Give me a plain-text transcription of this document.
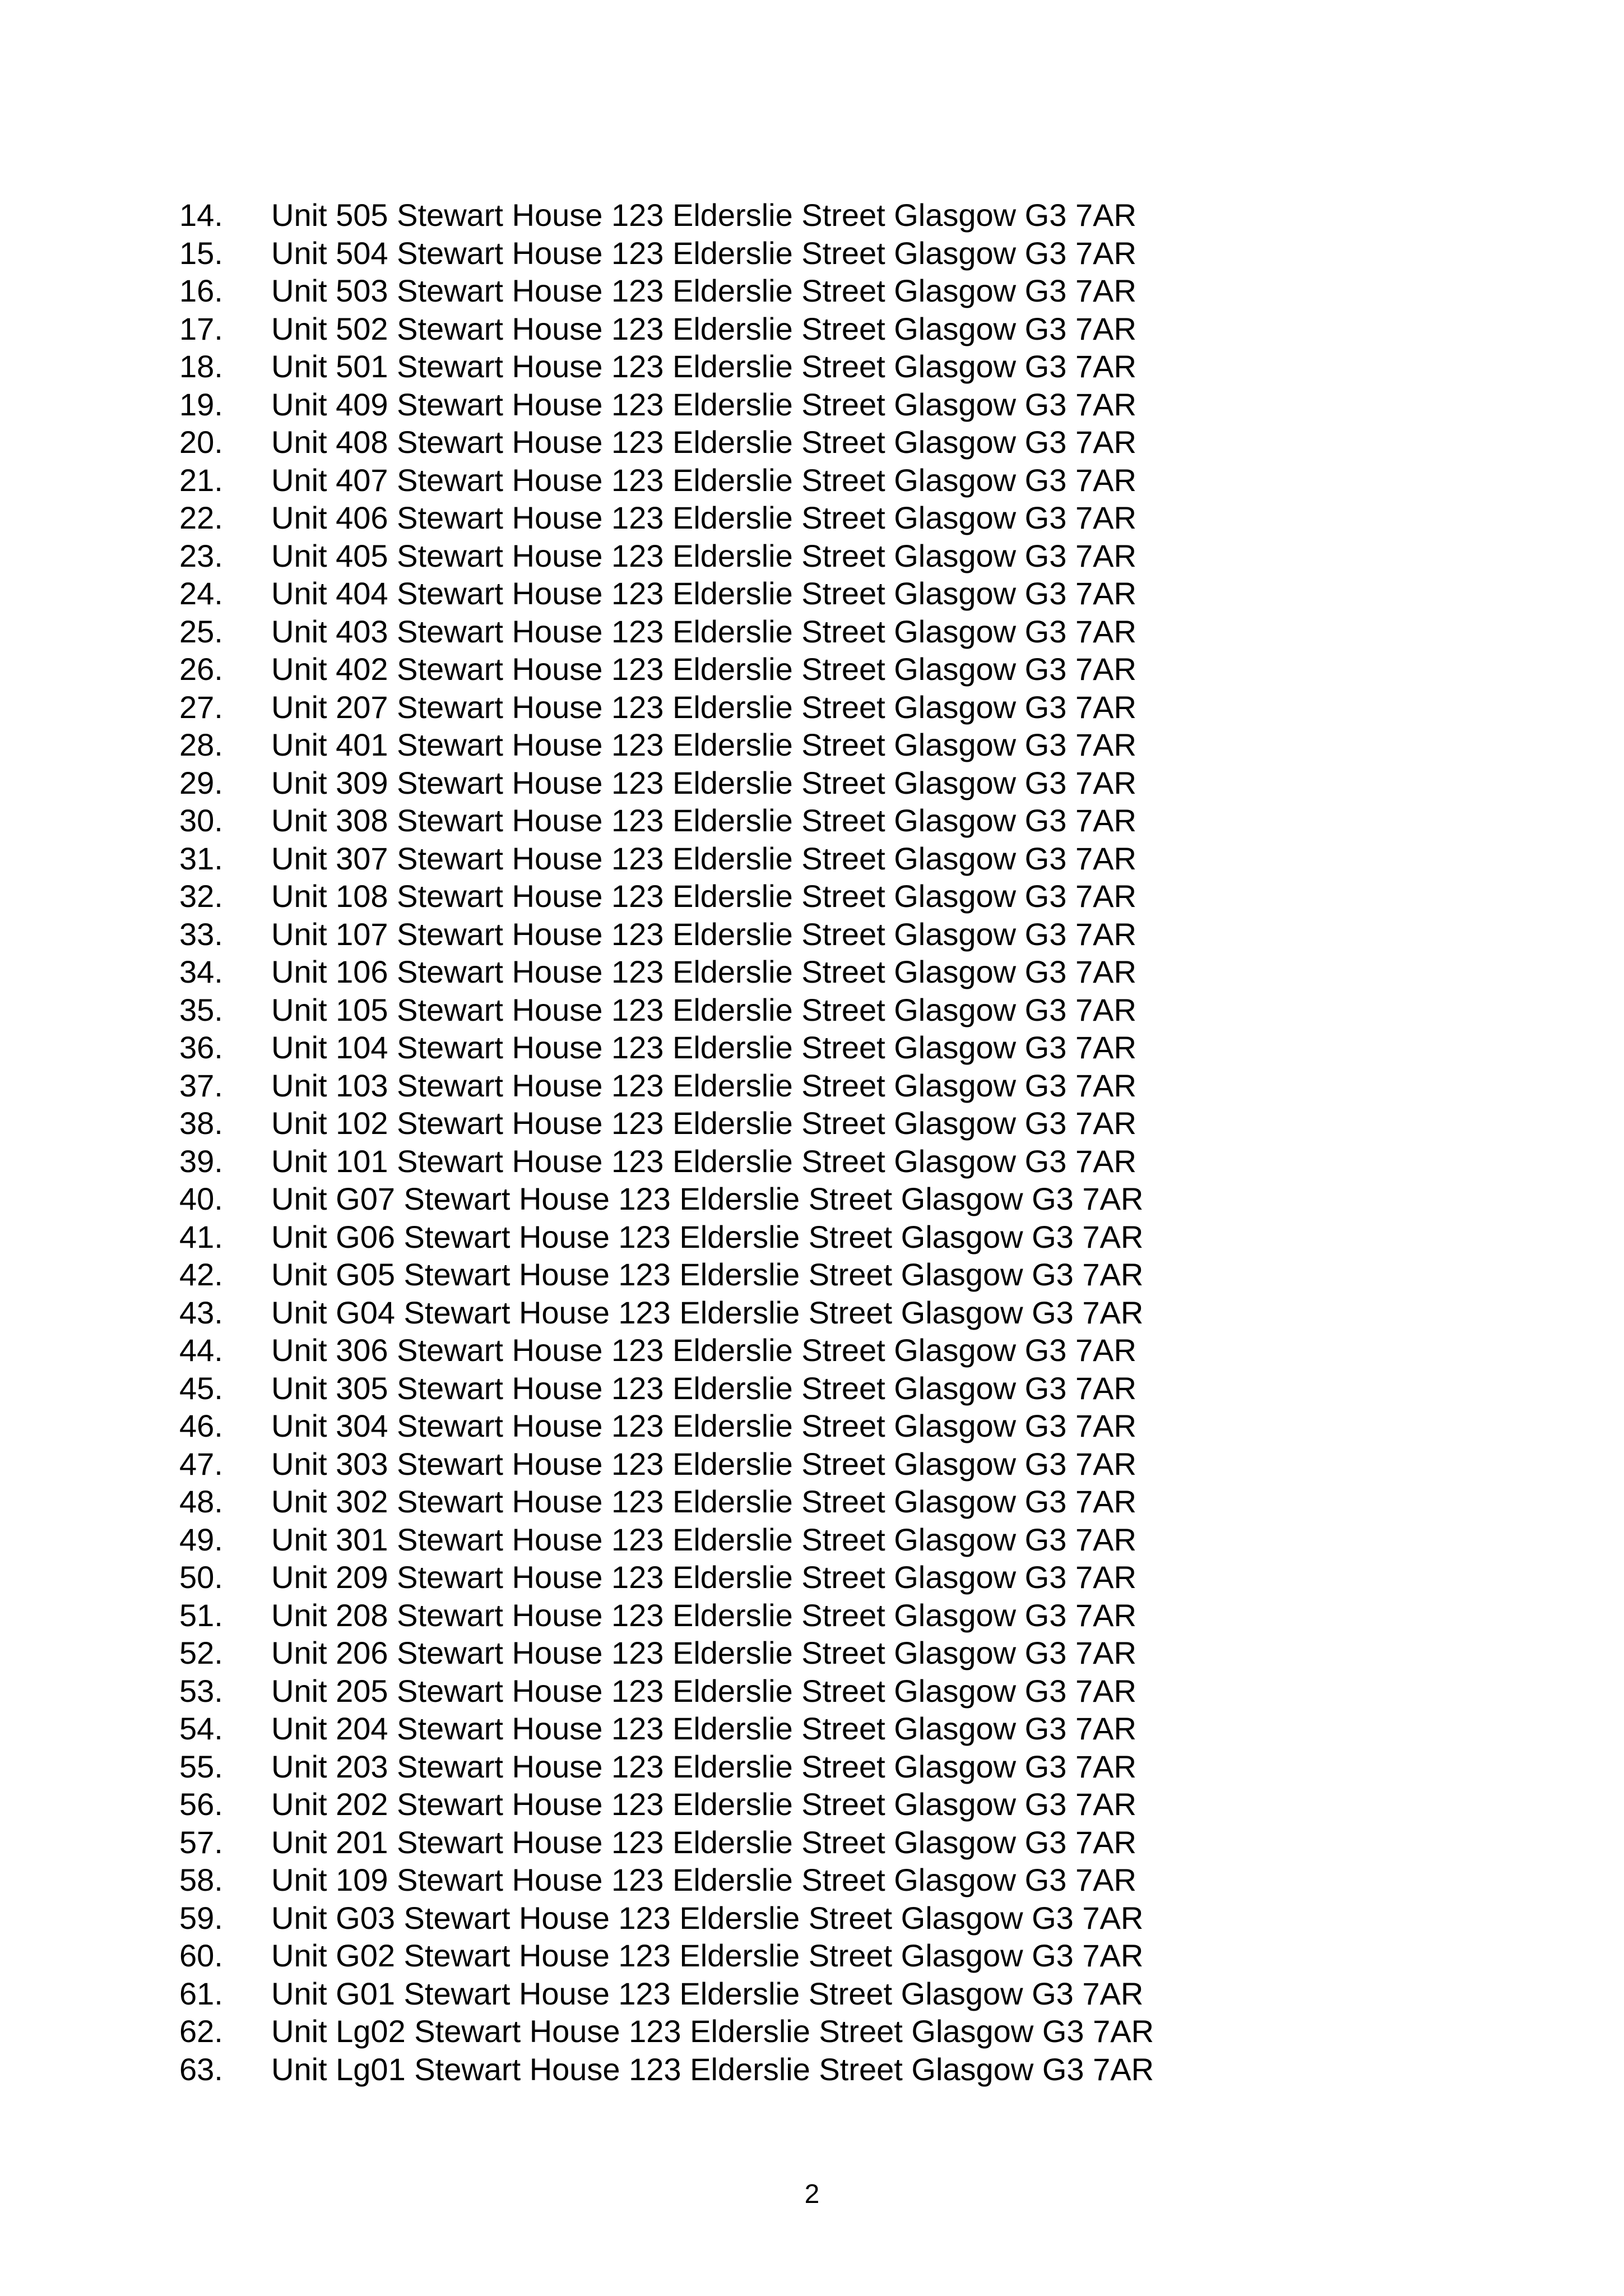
14.	Unit 505 Stewart House 123 Elderslie Street Glasgow G3 7AR
15.	Unit 504 Stewart House 123 Elderslie Street Glasgow G3 7AR
16.	Unit 503 Stewart House 123 Elderslie Street Glasgow G3 7AR
17.	Unit 502 Stewart House 123 Elderslie Street Glasgow G3 7AR
18.	Unit 501 Stewart House 123 Elderslie Street Glasgow G3 7AR
19.	Unit 409 Stewart House 123 Elderslie Street Glasgow G3 7AR
20.	Unit 408 Stewart House 123 Elderslie Street Glasgow G3 7AR
21.	Unit 407 Stewart House 123 Elderslie Street Glasgow G3 7AR
22.	Unit 406 Stewart House 123 Elderslie Street Glasgow G3 7AR
23.	Unit 405 Stewart House 123 Elderslie Street Glasgow G3 7AR
24.	Unit 404 Stewart House 123 Elderslie Street Glasgow G3 7AR
25.	Unit 403 Stewart House 123 Elderslie Street Glasgow G3 7AR
26.	Unit 402 Stewart House 123 Elderslie Street Glasgow G3 7AR
27.	Unit 207 Stewart House 123 Elderslie Street Glasgow G3 7AR
28.	Unit 401 Stewart House 123 Elderslie Street Glasgow G3 7AR
29.	Unit 309 Stewart House 123 Elderslie Street Glasgow G3 7AR
30.	Unit 308 Stewart House 123 Elderslie Street Glasgow G3 7AR
31.	Unit 307 Stewart House 123 Elderslie Street Glasgow G3 7AR
32.	Unit 108 Stewart House 123 Elderslie Street Glasgow G3 7AR
33.	Unit 107 Stewart House 123 Elderslie Street Glasgow G3 7AR
34.	Unit 106 Stewart House 123 Elderslie Street Glasgow G3 7AR
35.	Unit 105 Stewart House 123 Elderslie Street Glasgow G3 7AR
36.	Unit 104 Stewart House 123 Elderslie Street Glasgow G3 7AR
37.	Unit 103 Stewart House 123 Elderslie Street Glasgow G3 7AR
38.	Unit 102 Stewart House 123 Elderslie Street Glasgow G3 7AR
39.	Unit 101 Stewart House 123 Elderslie Street Glasgow G3 7AR
40.	Unit G07 Stewart House 123 Elderslie Street Glasgow G3 7AR
41.	Unit G06 Stewart House 123 Elderslie Street Glasgow G3 7AR
42.	Unit G05 Stewart House 123 Elderslie Street Glasgow G3 7AR
43.	Unit G04 Stewart House 123 Elderslie Street Glasgow G3 7AR
44.	Unit 306 Stewart House 123 Elderslie Street Glasgow G3 7AR
45.	Unit 305 Stewart House 123 Elderslie Street Glasgow G3 7AR
46.	Unit 304 Stewart House 123 Elderslie Street Glasgow G3 7AR
47.	Unit 303 Stewart House 123 Elderslie Street Glasgow G3 7AR
48.	Unit 302 Stewart House 123 Elderslie Street Glasgow G3 7AR
49.	Unit 301 Stewart House 123 Elderslie Street Glasgow G3 7AR
50.	Unit 209 Stewart House 123 Elderslie Street Glasgow G3 7AR
51.	Unit 208 Stewart House 123 Elderslie Street Glasgow G3 7AR
52.	Unit 206 Stewart House 123 Elderslie Street Glasgow G3 7AR
53.	Unit 205 Stewart House 123 Elderslie Street Glasgow G3 7AR
54.	Unit 204 Stewart House 123 Elderslie Street Glasgow G3 7AR
55.	Unit 203 Stewart House 123 Elderslie Street Glasgow G3 7AR
56.	Unit 202 Stewart House 123 Elderslie Street Glasgow G3 7AR
57.	Unit 201 Stewart House 123 Elderslie Street Glasgow G3 7AR
58.	Unit 109 Stewart House 123 Elderslie Street Glasgow G3 7AR
59.	Unit G03 Stewart House 123 Elderslie Street Glasgow G3 7AR
60.	Unit G02 Stewart House 123 Elderslie Street Glasgow G3 7AR
61.	Unit G01 Stewart House 123 Elderslie Street Glasgow G3 7AR
62.	Unit Lg02 Stewart House 123 Elderslie Street Glasgow G3 7AR
63.	Unit Lg01 Stewart House 123 Elderslie Street Glasgow G3 7AR
2
